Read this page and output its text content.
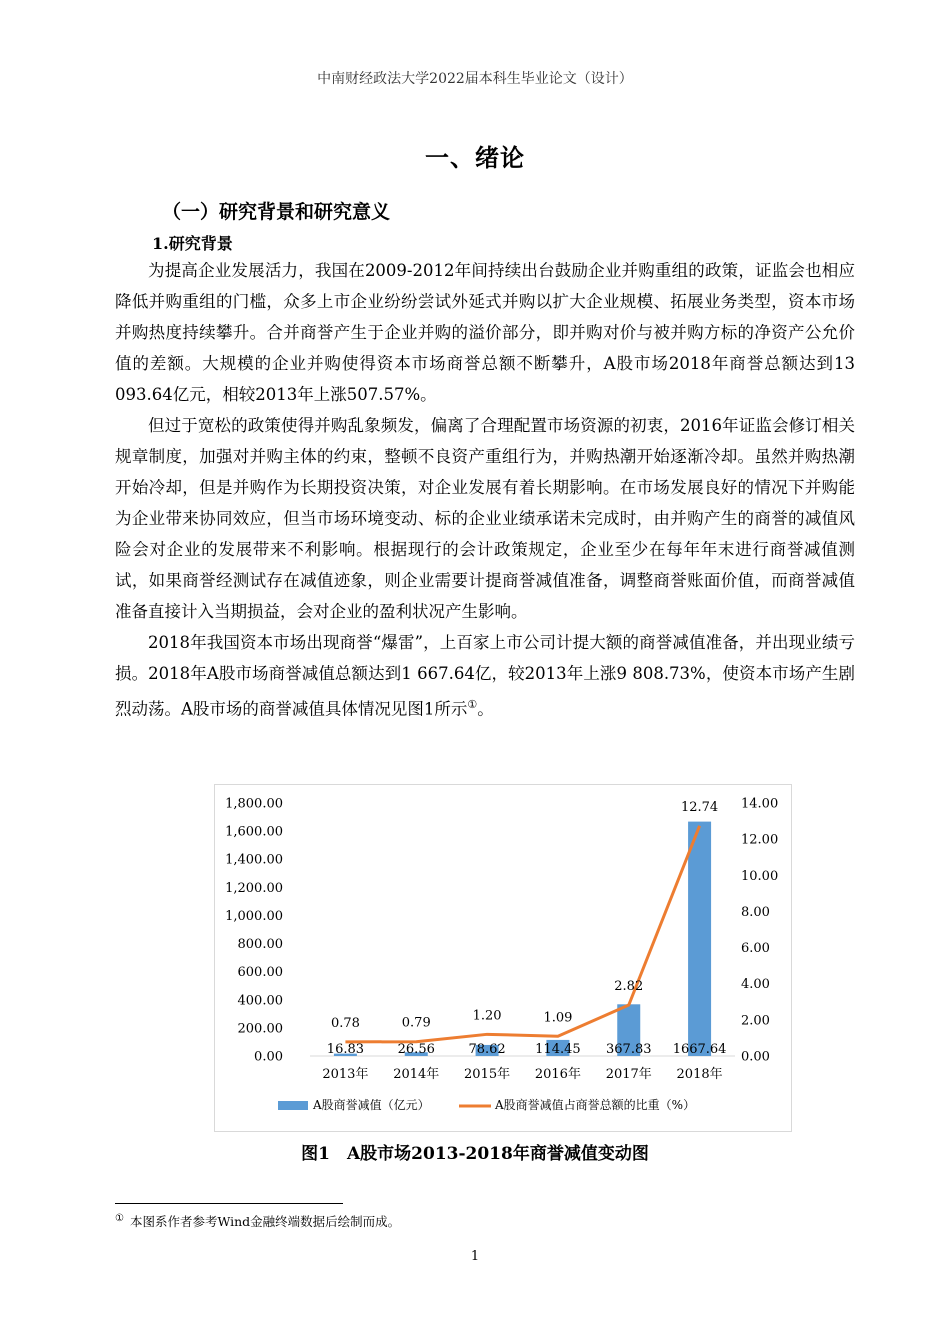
中南财经政法大学2022届本科生毕业论文（设计）
一、绪论
（一）研究背景和研究意义
1.研究背景

为提高企业发展活力，我国在2009-2012年间持续出台鼓励企业并购重组的政策，证监会也相应降低并购重组的门槛，众多上市企业纷纷尝试外延式并购以扩大企业规模、拓展业务类型，资本市场并购热度持续攀升。合并商誉产生于企业并购的溢价部分，即并购对价与被并购方标的净资产公允价值的差额。大规模的企业并购使得资本市场商誉总额不断攀升，A股市场2018年商誉总额达到13 093.64亿元，相较2013年上涨507.57%。

但过于宽松的政策使得并购乱象频发，偏离了合理配置市场资源的初衷，2016年证监会修订相关规章制度，加强对并购主体的约束，整顿不良资产重组行为，并购热潮开始逐渐冷却。虽然并购热潮开始冷却，但是并购作为长期投资决策，对企业发展有着长期影响。在市场发展良好的情况下并购能为企业带来协同效应，但当市场环境变动、标的企业业绩承诺未完成时，由并购产生的商誉的减值风险会对企业的发展带来不利影响。根据现行的会计政策规定，企业至少在每年年末进行商誉减值测试，如果商誉经测试存在减值迹象，则企业需要计提商誉减值准备，调整商誉账面价值，而商誉减值准备直接计入当期损益，会对企业的盈利状况产生影响。

2018年我国资本市场出现商誉“爆雷”，上百家上市公司计提大额的商誉减值准备，并出现业绩亏损。2018年A股市场商誉减值总额达到1 667.64亿，较2013年上涨9 808.73%，使资本市场产生剧烈动荡。A股市场的商誉减值具体情况见图1所示①。

0.00
200.00
400.00
600.00
800.00
1,000.00
1,200.00
1,400.00
1,600.00
1,800.00
0.00
2.00
4.00
6.00
8.00
10.00
12.00
14.00
16.83	26.56	78.62 114.45 367.83 1667.64
0.78	0.79	1.20	1.09
2.82
12.74
2013年 2014年 2015年 2016年 2017年 2018年
A股商誉减值（亿元）	A股商誉减值占商誉总额的比重（%）
图1　A股市场2013-2018年商誉减值变动图
① 本图系作者参考Wind金融终端数据后绘制而成。
1
